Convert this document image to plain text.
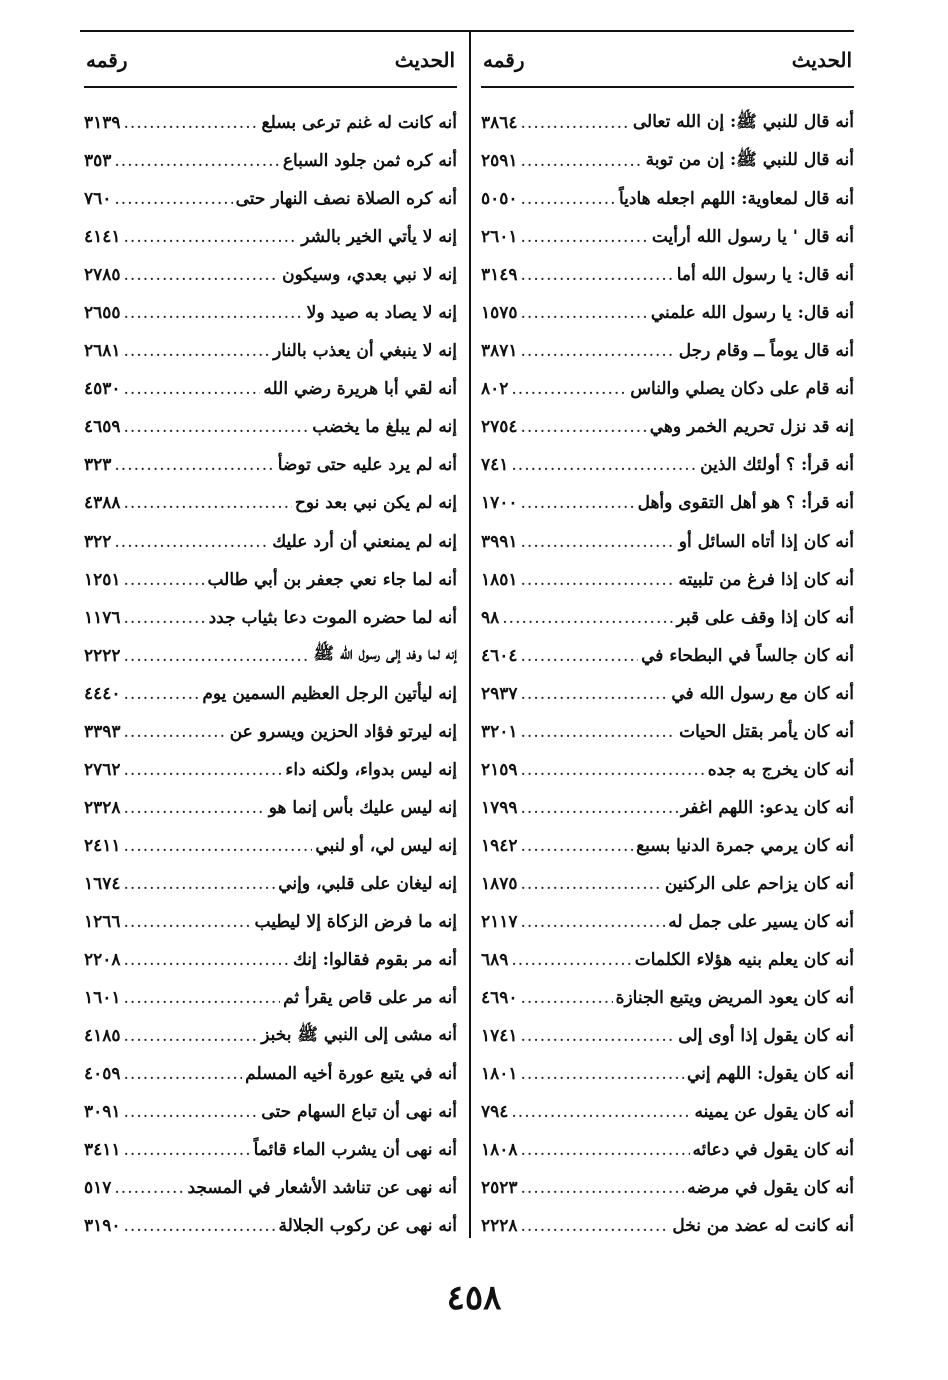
الحديث
رقمه
أنه قال للنبي ﷺ: إن الله تعالى
.....
٣٨٦٤
أنه قال للنبي ﷺ: إن من توبة
.....
٢٥٩١
أنه قال لمعاوية: اللهم اجعله هادياً
.....
٥٠٥٠
أنه قال ' يا رسول الله أرأيت
.....
٢٦٠١
أنه قال: يا رسول الله أما
.....
٣١٤٩
أنه قال: يا رسول الله علمني
.....
١٥٧٥
أنه قال يوماً ــ وقام رجل
.....
٣٨٧١
أنه قام على دكان يصلي والناس
.....
٨٠٢
إنه قد نزل تحريم الخمر وهي
.....
٢٧٥٤
أنه قرأ: ؟ أولئك الذين
.....
٧٤١
أنه قرأ: ؟ هو أهل التقوى وأهل
.....
١٧٠٠
أنه كان إذا أتاه السائل أو
.....
٣٩٩١
أنه كان إذا فرغ من تلبيته
.....
١٨٥١
أنه كان إذا وقف على قبر
.....
٩٨
أنه كان جالساً في البطحاء في
.....
٤٦٠٤
أنه كان مع رسول الله في
.....
٢٩٣٧
أنه كان يأمر بقتل الحيات
.....
٣٢٠١
أنه كان يخرج به جده
.....
٢١٥٩
أنه كان يدعو: اللهم اغفر
.....
١٧٩٩
أنه كان يرمي جمرة الدنيا بسبع
.....
١٩٤٢
أنه كان يزاحم على الركنين
.....
١٨٧٥
أنه كان يسير على جمل له
.....
٢١١٧
أنه كان يعلم بنيه هؤلاء الكلمات
.....
٦٨٩
أنه كان يعود المريض ويتبع الجنازة
.....
٤٦٩٠
أنه كان يقول إذا أوى إلى
.....
١٧٤١
أنه كان يقول: اللهم إني
.....
١٨٠١
أنه كان يقول عن يمينه
.....
٧٩٤
أنه كان يقول في دعائه
.....
١٨٠٨
أنه كان يقول في مرضه
.....
٢٥٢٣
أنه كانت له عضد من نخل
.....
٢٢٢٨
الحديث
رقمه
أنه كانت له غنم ترعى بسلع
.....
٣١٣٩
أنه كره ثمن جلود السباع
.....
٣٥٣
أنه كره الصلاة نصف النهار حتى
.....
٧٦٠
إنه لا يأتي الخير بالشر
.....
٤١٤١
إنه لا نبي بعدي، وسيكون
.....
٢٧٨٥
إنه لا يصاد به صيد ولا
.....
٢٦٥٥
إنه لا ينبغي أن يعذب بالنار
.....
٢٦٨١
أنه لقي أبا هريرة رضي الله
.....
٤٥٣٠
إنه لم يبلغ ما يخضب
.....
٤٦٥٩
أنه لم يرد عليه حتى توضأ
.....
٣٢٣
إنه لم يكن نبي بعد نوح
.....
٤٣٨٨
إنه لم يمنعني أن أرد عليك
.....
٣٢٢
أنه لما جاء نعي جعفر بن أبي طالب
.....
١٢٥١
أنه لما حضره الموت دعا بثياب جدد
.....
١١٧٦
إنه لما وفد إلى رسول الله ﷺ
.....
٢٢٢٢
إنه ليأتين الرجل العظيم السمين يوم
.....
٤٤٤٠
إنه ليرتو فؤاد الحزين ويسرو عن
.....
٣٣٩٣
إنه ليس بدواء، ولكنه داء
.....
٢٧٦٢
إنه ليس عليك بأس إنما هو
.....
٢٣٢٨
إنه ليس لي، أو لنبي
.....
٢٤١١
إنه ليغان على قلبي، وإني
.....
١٦٧٤
إنه ما فرض الزكاة إلا ليطيب
.....
١٢٦٦
أنه مر بقوم فقالوا: إنك
.....
٢٢٠٨
أنه مر على قاص يقرأ ثم
.....
١٦٠١
أنه مشى إلى النبي ﷺ بخبز
.....
٤١٨٥
أنه في يتبع عورة أخيه المسلم
.....
٤٠٥٩
أنه نهى أن تباع السهام حتى
.....
٣٠٩١
أنه نهى أن يشرب الماء قائماً
.....
٣٤١١
أنه نهى عن تناشد الأشعار في المسجد
.....
٥١٧
أنه نهى عن ركوب الجلالة
.....
٣١٩٠
٤٥٨
